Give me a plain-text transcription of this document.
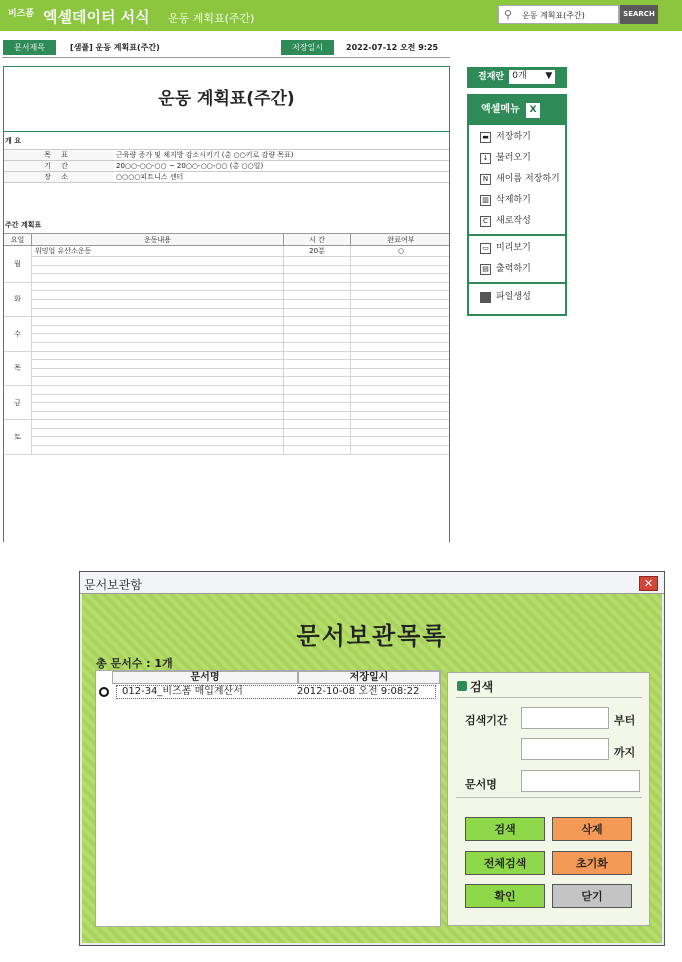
비즈폼 엑셀데이터 서식 운동 계획표(주간)	⚲ 운동 계획표(주간)	SEARCH
문서제목	[샘플] 운동 계획표(주간)	저장일시	2022-07-12 오전 9:25
운동 계획표(주간)
개 요
목 표	근육량 증가 및 체지방 감소시키기 (총 ○○키로 감량 목표)
기 간	20○○-○○-○○ ~ 20○○-○○-○○ (총 ○○일)
장 소	○○○○피트니스 센터
주간 계획표
요일	운동내용	시 간	완료여부
월	워밍업 유산소운동	20분	○

화			

수			

목			

금			

토			

결재란 0개 ▼
엑셀메뉴 X
▬ 저장하기
↓ 불러오기
N 새이름 저장하기
▥ 삭제하기
C 새로작성
▭ 미리보기
▤ 출력하기
파일생성
문서보관함	✕
문서보관목록
총 문서수 : 1개
문서명	저장일시
012-34_비즈폼 매입계산서	2012-10-08 오전 9:08:22	검색
검색기간	부터
까지
문서명
검색	삭제
전체검색	초기화
확인	닫기
